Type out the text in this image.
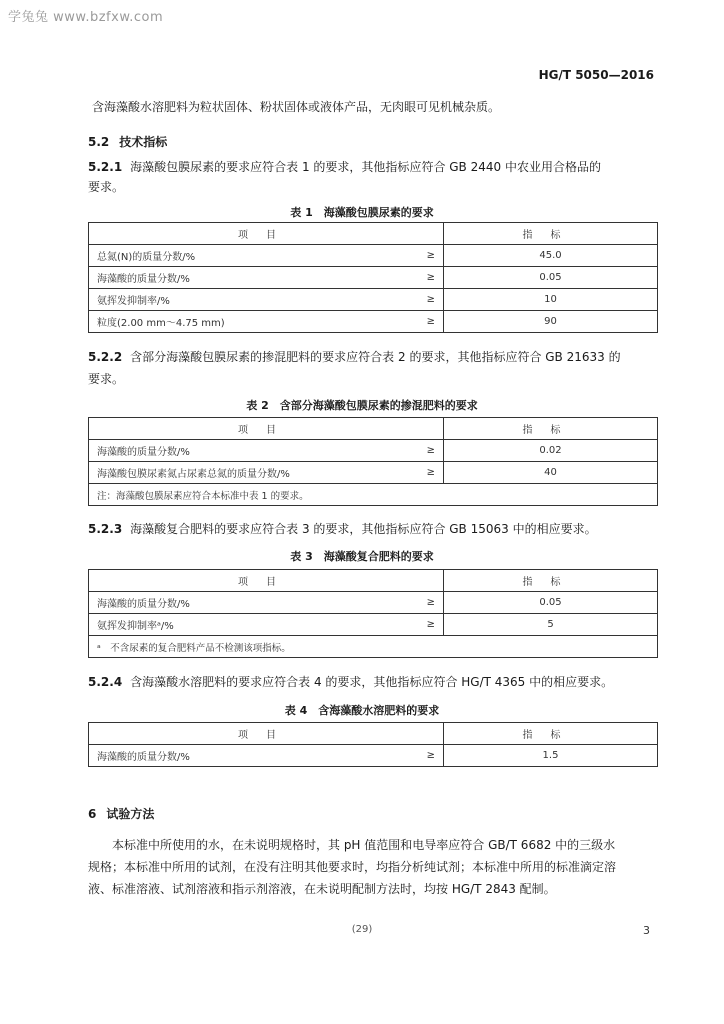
学兔兔 www.bzfxw.com
HG/T 5050—2016
含海藻酸水溶肥料为粒状固体、粉状固体或液体产品，无肉眼可见机械杂质。
5.2 技术指标
5.2.1 海藻酸包膜尿素的要求应符合表 1 的要求，其他指标应符合 GB 2440 中农业用合格品的
要求。
表 1　海藻酸包膜尿素的要求
项目		指标
总氮(N)的质量分数/%	≥	45.0
海藻酸的质量分数/%	≥	0.05
氨挥发抑制率/%	≥	10
粒度(2.00 mm～4.75 mm)	≥	90
5.2.2 含部分海藻酸包膜尿素的掺混肥料的要求应符合表 2 的要求，其他指标应符合 GB 21633 的
要求。
表 2　含部分海藻酸包膜尿素的掺混肥料的要求
项目		指标
海藻酸的质量分数/%	≥	0.02
海藻酸包膜尿素氮占尿素总氮的质量分数/%	≥	40
注：海藻酸包膜尿素应符合本标准中表 1 的要求。		
5.2.3 海藻酸复合肥料的要求应符合表 3 的要求，其他指标应符合 GB 15063 中的相应要求。
表 3　海藻酸复合肥料的要求
项目		指标
海藻酸的质量分数/%	≥	0.05
氨挥发抑制率ᵃ/%	≥	5
ᵃ　不含尿素的复合肥料产品不检测该项指标。		
5.2.4 含海藻酸水溶肥料的要求应符合表 4 的要求，其他指标应符合 HG/T 4365 中的相应要求。
表 4　含海藻酸水溶肥料的要求
项目		指标
海藻酸的质量分数/%	≥	1.5
6 试验方法
本标准中所使用的水，在未说明规格时，其 pH 值范围和电导率应符合 GB/T 6682 中的三级水
规格；本标准中所用的试剂，在没有注明其他要求时，均指分析纯试剂；本标准中所用的标准滴定溶
液、标准溶液、试剂溶液和指示剂溶液，在未说明配制方法时，均按 HG/T 2843 配制。
(29)	3
